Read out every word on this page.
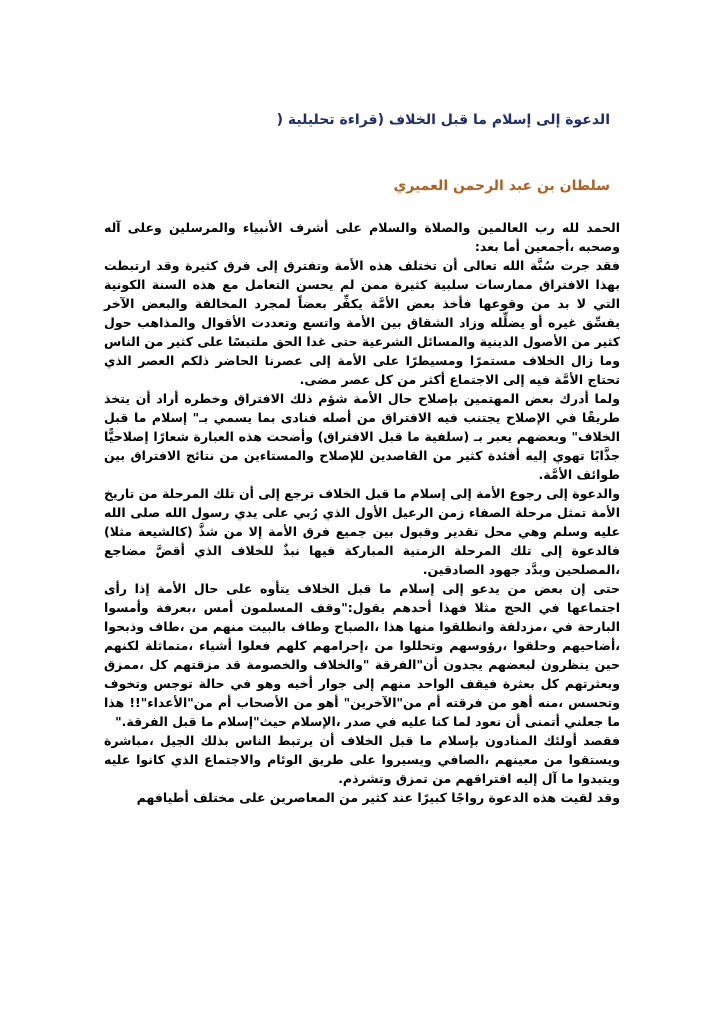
الدعوة إلى إسلام ما قبل الخلاف (قراءة تحليلية (
سلطان بن عبد الرحمن العميري

الحمد لله رب العالمين والصلاة والسلام على أشرف الأنبياء والمرسلين وعلى آله وصحبه ،أجمعين أما بعد:

فقد جرت سُنَّة الله تعالى أن تختلف هذه الأمة وتفترق إلى فرق كثيرة وقد ارتبطت بهذا الافتراق ممارسات سلبية كثيرة ممن لم يحسن التعامل مع هذه السنة الكونية التي لا بد من وقوعها فأخذ بعض الأمَّة يكفِّر بعضاً لمجرد المخالفة والبعض الآخر يفسِّق غيره أو يضلِّله وزاد الشقاق بين الأمة واتسع وتعددت الأقوال والمذاهب حول كثير من الأصول الدينية والمسائل الشرعية حتى غدا الحق ملتبسًا على كثير من الناس وما زال الخلاف مستمرًا ومسيطرًا على الأمة إلى عصرنا الحاضر ذلكم العصر الذي تحتاج الأمَّة فيه إلى الاجتماع أكثر من كل عصر مضى.

ولما أدرك بعض المهتمين بإصلاح حال الأمة شؤم ذلك الافتراق وخطره أراد أن يتخذ طريقًا في الإصلاح يجتنب فيه الافتراق من أصله فنادى بما يسمي بـ" إسلام ما قبل الخلاف" وبعضهم يعبر بـ (سلفية ما قبل الافتراق) وأضحت هذه العبارة شعارًا إصلاحيًّا جذَّابًا تهوي إليه أفئدة كثير من القاصدين للإصلاح والمستاءين من نتائج الافتراق بين طوائف الأمَّة.

والدعوة إلى رجوع الأمة إلى إسلام ما قبل الخلاف ترجع إلى أن تلك المرحلة من تاريخ الأمة تمثل مرحلة الصفاء زمن الرعيل الأول الذي رُبي على يدي رسول الله صلى الله عليه وسلم وهي محل تقدير وقبول بين جميع فرق الأمة إلا من شذَّ (كالشيعة مثلا) فالدعوة إلى تلك المرحلة الزمنية المباركة فيها نبذٌ للخلاف الذي أقضَّ مضاجع ،المصلحين وبدَّد جهود الصادقين.

حتى إن بعض من يدعو إلى إسلام ما قبل الخلاف يتأوه على حال الأمة إذا رأى اجتماعها في الحج مثلا فهذا أحدهم يقول:"وقف المسلمون أمس ،بعرفة وأمسوا البارحة في ،مزدلفة وانطلقوا منها هذا ،الصباح وطاف بالبيت منهم من ،طاف وذبحوا ،أضاحيهم وحلقوا ،رؤوسهم وتحللوا من ،إحرامهم كلهم فعلوا أشياء ،متماثلة لكنهم حين ينظرون لبعضهم يجدون أن"الفرقة "والخلاف والخصومة قد مزقتهم كل ،ممزق وبعثرتهم كل بعثرة فيقف الواحد منهم إلى جوار أخيه وهو في حالة توجس وتخوف وتحسس ،منه أهو من فرقته أم من"الآخرين" أهو من الأصحاب أم من"الأعداء"!! هذا ما جعلني أتمنى أن نعود لما كنا عليه في صدر ،الإسلام حيث"إسلام ما قبل الفرقة."

فقصد أولئك المنادون بإسلام ما قبل الخلاف أن يرتبط الناس بذلك الجيل ،مباشرة ويستقوا من معينهم ،الصافي ويسيروا على طريق الوئام والاجتماع الذي كانوا عليه ويتبدوا ما آل إليه افتراقهم من تمزق وتشرذم.

وقد لقيت هذه الدعوة رواجًا كبيرًا عند كثير من المعاصرين على مختلف أطيافهم
